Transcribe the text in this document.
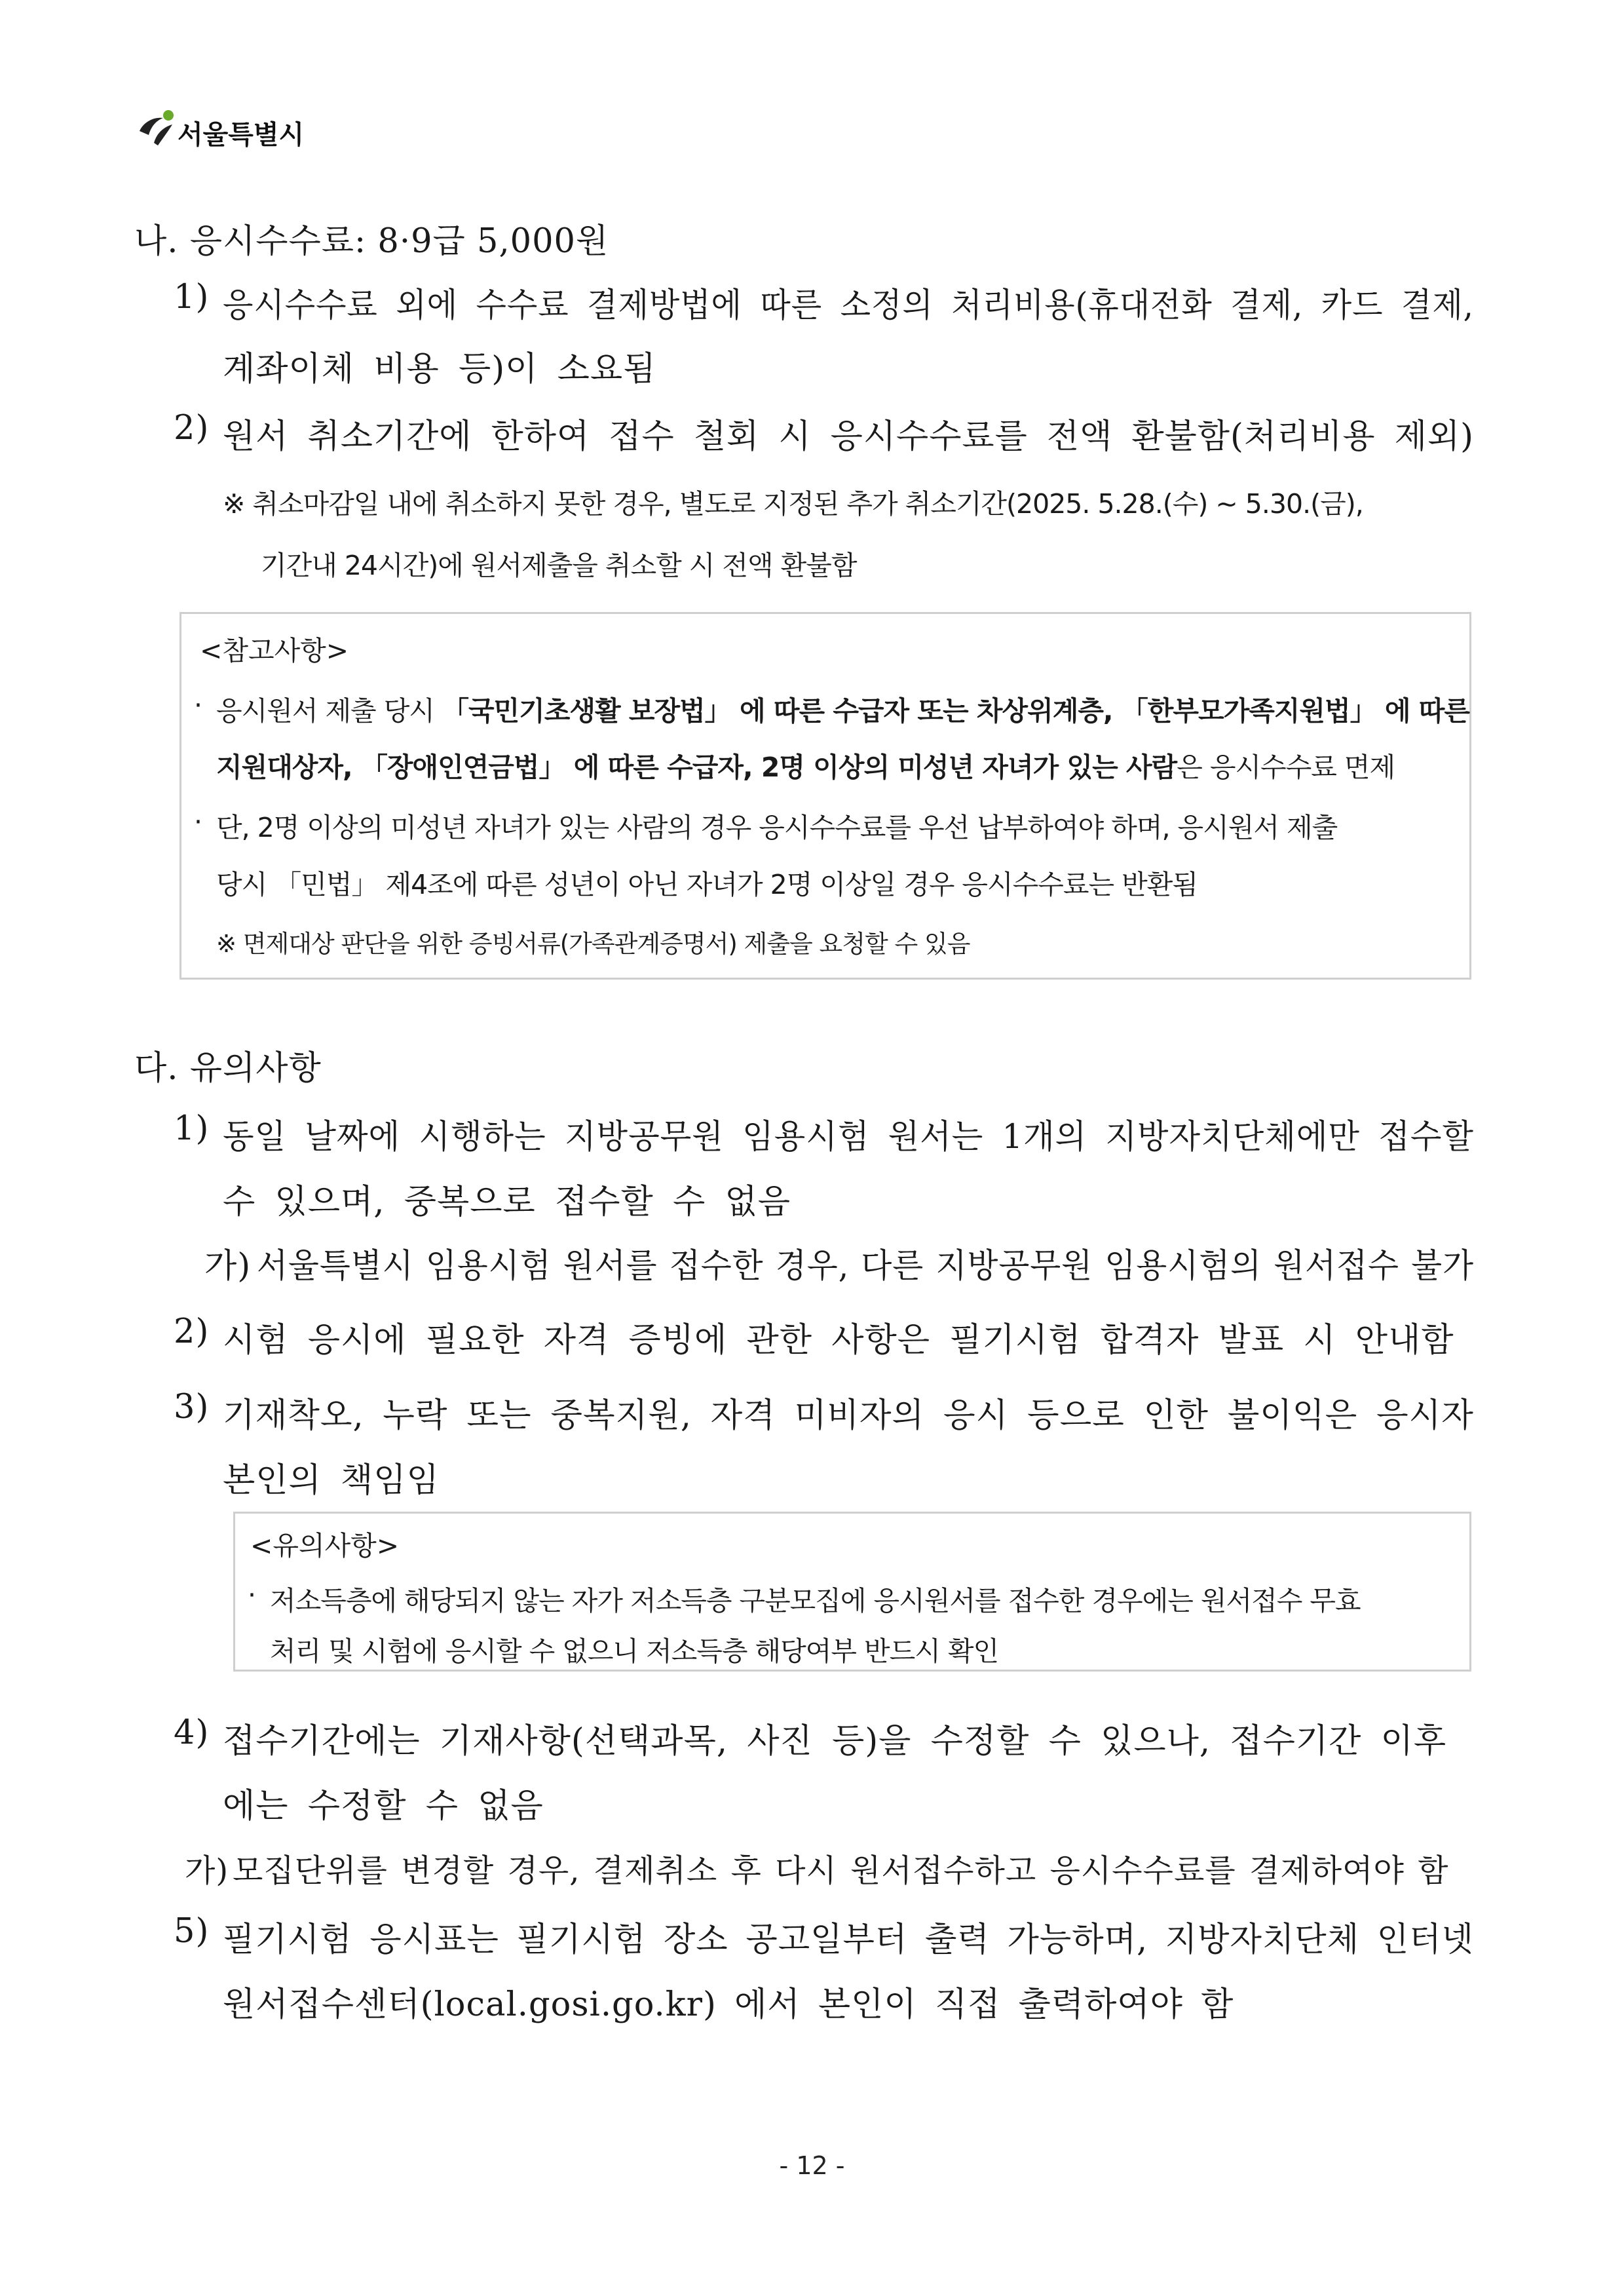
서울특별시
나. 응시수수료: 8·9급 5,000원
1) 응시수수료 외에 수수료 결제방법에 따른 소정의 처리비용(휴대전화 결제, 카드 결제,
계좌이체 비용 등)이 소요됨
2) 원서 취소기간에 한하여 접수 철회 시 응시수수료를 전액 환불함(처리비용 제외)
※ 취소마감일 내에 취소하지 못한 경우, 별도로 지정된 추가 취소기간(2025. 5.28.(수) ~ 5.30.(금),
기간내 24시간)에 원서제출을 취소할 시 전액 환불함
<참고사항>
· 응시원서 제출 당시 「국민기초생활 보장법」 에 따른 수급자 또는 차상위계층, 「한부모가족지원법」 에 따른
지원대상자, 「장애인연금법」 에 따른 수급자, 2명 이상의 미성년 자녀가 있는 사람은 응시수수료 면제
· 단, 2명 이상의 미성년 자녀가 있는 사람의 경우 응시수수료를 우선 납부하여야 하며, 응시원서 제출
당시 「민법」 제4조에 따른 성년이 아닌 자녀가 2명 이상일 경우 응시수수료는 반환됨
※ 면제대상 판단을 위한 증빙서류(가족관계증명서) 제출을 요청할 수 있음
다. 유의사항
1) 동일 날짜에 시행하는 지방공무원 임용시험 원서는 1개의 지방자치단체에만 접수할
수 있으며, 중복으로 접수할 수 없음
가) 서울특별시 임용시험 원서를 접수한 경우, 다른 지방공무원 임용시험의 원서접수 불가
2) 시험 응시에 필요한 자격 증빙에 관한 사항은 필기시험 합격자 발표 시 안내함
3) 기재착오, 누락 또는 중복지원, 자격 미비자의 응시 등으로 인한 불이익은 응시자
본인의 책임임
<유의사항>
· 저소득층에 해당되지 않는 자가 저소득층 구분모집에 응시원서를 접수한 경우에는 원서접수 무효
처리 및 시험에 응시할 수 없으니 저소득층 해당여부 반드시 확인
4) 접수기간에는 기재사항(선택과목, 사진 등)을 수정할 수 있으나, 접수기간 이후
에는 수정할 수 없음
가) 모집단위를 변경할 경우, 결제취소 후 다시 원서접수하고 응시수수료를 결제하여야 함
5) 필기시험 응시표는 필기시험 장소 공고일부터 출력 가능하며, 지방자치단체 인터넷
원서접수센터(local.gosi.go.kr) 에서 본인이 직접 출력하여야 함
- 12 -
